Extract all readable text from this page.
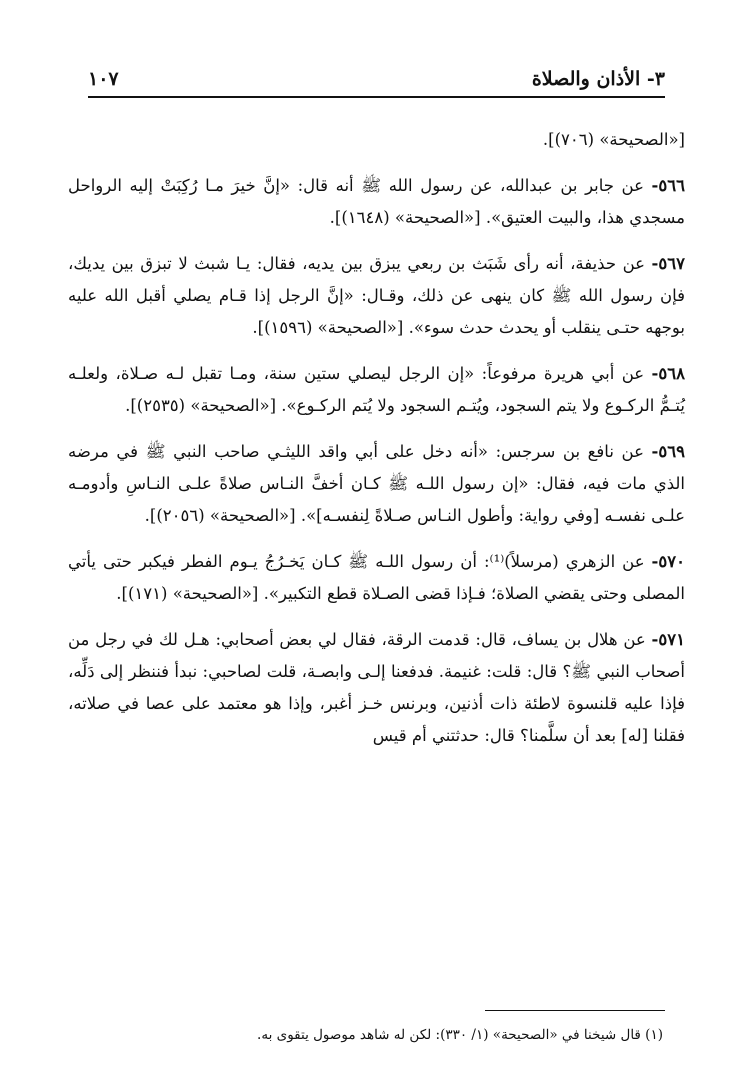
٣- الأذان والصلاة
١٠٧

[«الصحيحة» (٧٠٦)].

٥٦٦- عن جابر بن عبدالله، عن رسول الله ﷺ أنه قال: «إنَّ خيرَ مـا رُكِبَتْ إليه الرواحل مسجدي هذا، والبيت العتيق». [«الصحيحة» (١٦٤٨)].

٥٦٧- عن حذيفة، أنه رأى شَبَث بن ربعي يبزق بين يديه، فقال: يـا شبث لا تبزق بين يديك، فإن رسول الله ﷺ كان ينهى عن ذلك، وقـال: «إنَّ الرجل إذا قـام يصلي أقبل الله عليه بوجهه حتـى ينقلب أو يحدث حدث سوء». [«الصحيحة» (١٥٩٦)].

٥٦٨- عن أبي هريرة مرفوعاً: «إن الرجل ليصلي ستين سنة، ومـا تقبل لـه صـلاة، ولعلـه يُتـمُّ الركـوع ولا يتم السجود، ويُتـم السجود ولا يُتم الركـوع». [«الصحيحة» (٢٥٣٥)].

٥٦٩- عن نافع بن سرجس: «أنه دخل على أبي واقد الليثـي صاحب النبي ﷺ في مرضه الذي مات فيه، فقال: «إن رسول اللـه ﷺ كـان أخفَّ النـاس صلاةً علـى النـاسِ وأدومـه علـى نفسـه [وفي رواية: وأطول النـاس صـلاةً لِنفسـه]». [«الصحيحة» (٢٠٥٦)].

٥٧٠- عن الزهري (مرسلاً)⁽¹⁾: أن رسول اللـه ﷺ كـان يَخـرُجُ يـوم الفطر فيكبر حتى يأتي المصلى وحتى يقضي الصلاة؛ فـإذا قضى الصـلاة قطع التكبير». [«الصحيحة» (١٧١)].

٥٧١- عن هلال بن يساف، قال: قدمت الرقة، فقال لي بعض أصحابي: هـل لك في رجل من أصحاب النبي ﷺ؟ قال: قلت: غنيمة. فدفعنا إلـى وابصـة، قلت لصاحبي: نبدأ فننظر إلى دَلِّه، فإذا عليه قلنسوة لاطئة ذات أذنين، وبرنس خـز أغبر، وإذا هو معتمد على عصا في صلاته، فقلنا [له] بعد أن سلَّمنا؟ قال: حدثتني أم قيس

(١) قال شيخنا في «الصحيحة» (١/ ٣٣٠): لكن له شاهد موصول يتقوى به.
